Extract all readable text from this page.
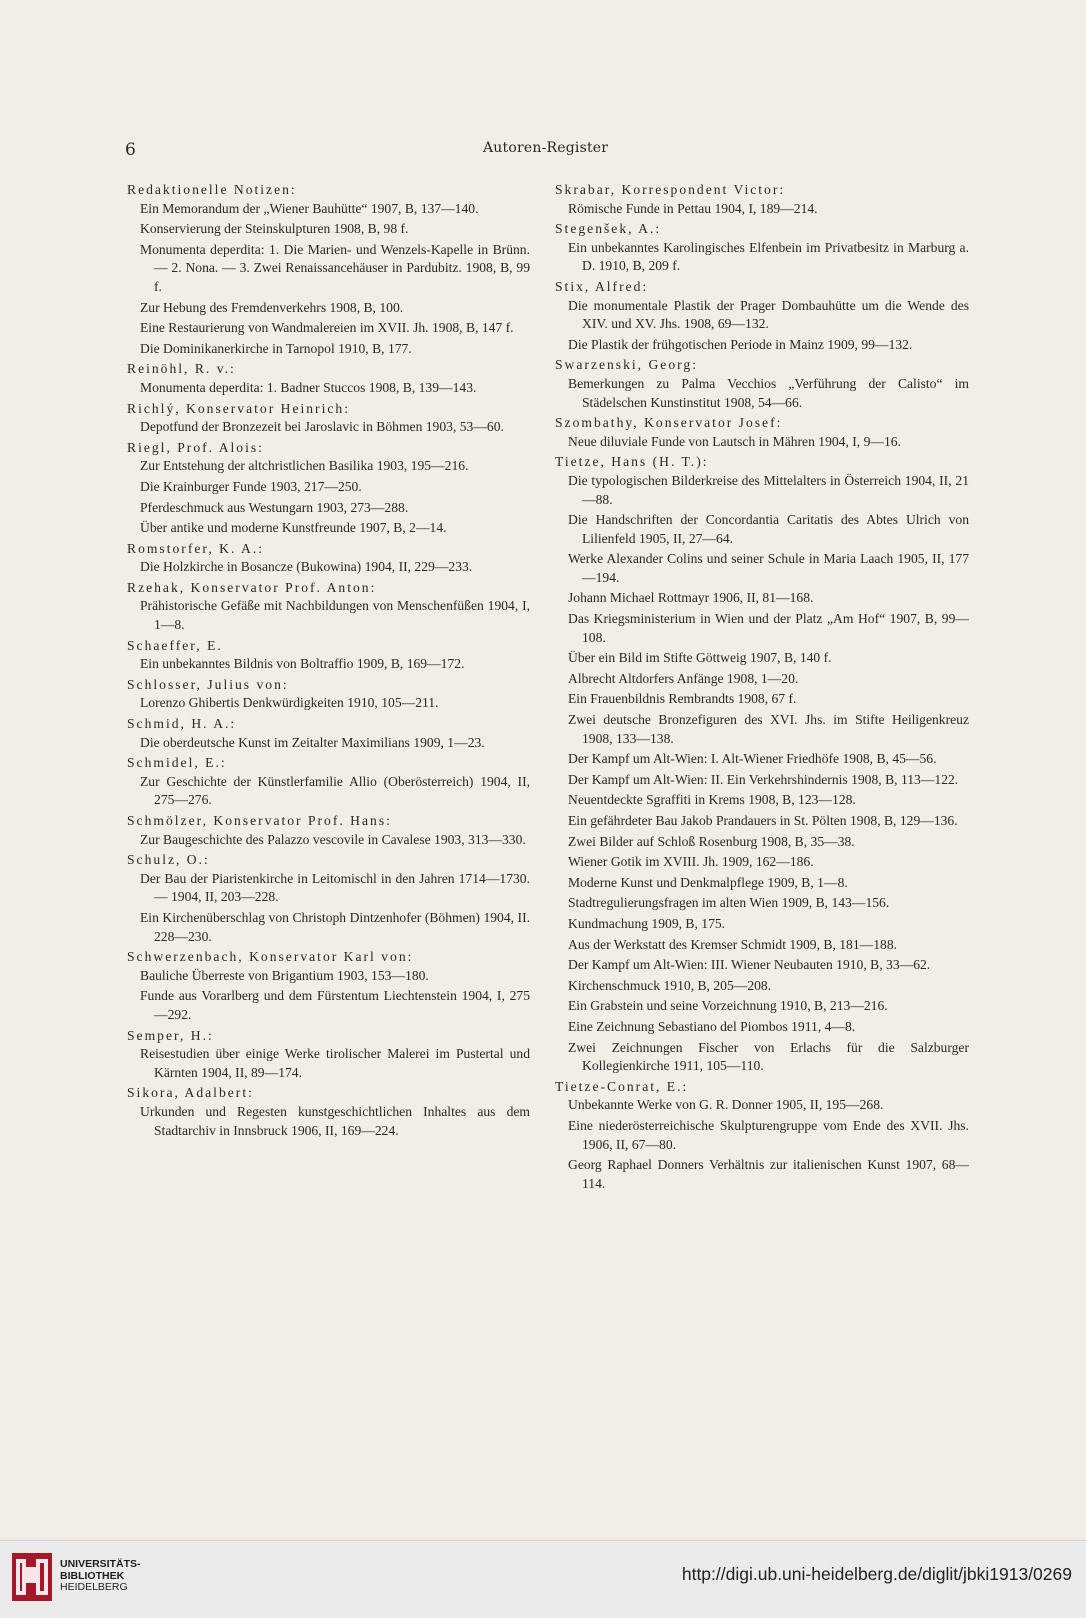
6	Autoren-Register

Redaktionelle Notizen:

Ein Memorandum der „Wiener Bauhütte“ 1907, B, 137—140.

Konservierung der Steinskulpturen 1908, B, 98 f.

Monumenta deperdita: 1. Die Marien- und Wenzels-Kapelle in Brünn. — 2. Nona. — 3. Zwei Renaissancehäuser in Pardubitz. 1908, B, 99 f.

Zur Hebung des Fremdenverkehrs 1908, B, 100.

Eine Restaurierung von Wandmalereien im XVII. Jh. 1908, B, 147 f.

Die Dominikanerkirche in Tarnopol 1910, B, 177.

Reinöhl, R. v.:

Monumenta deperdita: 1. Badner Stuccos 1908, B, 139—143.

Richlý, Konservator Heinrich:

Depotfund der Bronzezeit bei Jaroslavic in Böhmen 1903, 53—60.

Riegl, Prof. Alois:

Zur Entstehung der altchristlichen Basilika 1903, 195—216.

Die Krainburger Funde 1903, 217—250.

Pferdeschmuck aus Westungarn 1903, 273—288.

Über antike und moderne Kunstfreunde 1907, B, 2—14.

Romstorfer, K. A.:

Die Holzkirche in Bosancze (Bukowina) 1904, II, 229—233.

Rzehak, Konservator Prof. Anton:

Prähistorische Gefäße mit Nachbildungen von Menschenfüßen 1904, I, 1—8.

Schaeffer, E.

Ein unbekanntes Bildnis von Boltraffio 1909, B, 169—172.

Schlosser, Julius von:

Lorenzo Ghibertis Denkwürdigkeiten 1910, 105—211.

Schmid, H. A.:

Die oberdeutsche Kunst im Zeitalter Maximilians 1909, 1—23.

Schmidel, E.:

Zur Geschichte der Künstlerfamilie Allio (Oberösterreich) 1904, II, 275—276.

Schmölzer, Konservator Prof. Hans:

Zur Baugeschichte des Palazzo vescovile in Cavalese 1903, 313—330.

Schulz, O.:

Der Bau der Piaristenkirche in Leitomischl in den Jahren 1714—1730. — 1904, II, 203—228.

Ein Kirchenüberschlag von Christoph Dintzenhofer (Böhmen) 1904, II. 228—230.

Schwerzenbach, Konservator Karl von:

Bauliche Überreste von Brigantium 1903, 153—180.

Funde aus Vorarlberg und dem Fürstentum Liechtenstein 1904, I, 275—292.

Semper, H.:

Reisestudien über einige Werke tirolischer Malerei im Pustertal und Kärnten 1904, II, 89—174.

Sikora, Adalbert:

Urkunden und Regesten kunstgeschichtlichen Inhaltes aus dem Stadtarchiv in Innsbruck 1906, II, 169—224.

Skrabar, Korrespondent Victor:

Römische Funde in Pettau 1904, I, 189—214.

Stegenšek, A.:

Ein unbekanntes Karolingisches Elfenbein im Privatbesitz in Marburg a. D. 1910, B, 209 f.

Stix, Alfred:

Die monumentale Plastik der Prager Dombauhütte um die Wende des XIV. und XV. Jhs. 1908, 69—132.

Die Plastik der frühgotischen Periode in Mainz 1909, 99—132.

Swarzenski, Georg:

Bemerkungen zu Palma Vecchios „Verführung der Calisto“ im Städelschen Kunstinstitut 1908, 54—66.

Szombathy, Konservator Josef:

Neue diluviale Funde von Lautsch in Mähren 1904, I, 9—16.

Tietze, Hans (H. T.):

Die typologischen Bilderkreise des Mittelalters in Österreich 1904, II, 21—88.

Die Handschriften der Concordantia Caritatis des Abtes Ulrich von Lilienfeld 1905, II, 27—64.

Werke Alexander Colins und seiner Schule in Maria Laach 1905, II, 177—194.

Johann Michael Rottmayr 1906, II, 81—168.

Das Kriegsministerium in Wien und der Platz „Am Hof“ 1907, B, 99—108.

Über ein Bild im Stifte Göttweig 1907, B, 140 f.

Albrecht Altdorfers Anfänge 1908, 1—20.

Ein Frauenbildnis Rembrandts 1908, 67 f.

Zwei deutsche Bronzefiguren des XVI. Jhs. im Stifte Heiligenkreuz 1908, 133—138.

Der Kampf um Alt-Wien: I. Alt-Wiener Friedhöfe 1908, B, 45—56.

Der Kampf um Alt-Wien: II. Ein Verkehrshindernis 1908, B, 113—122.

Neuentdeckte Sgraffiti in Krems 1908, B, 123—128.

Ein gefährdeter Bau Jakob Prandauers in St. Pölten 1908, B, 129—136.

Zwei Bilder auf Schloß Rosenburg 1908, B, 35—38.

Wiener Gotik im XVIII. Jh. 1909, 162—186.

Moderne Kunst und Denkmalpflege 1909, B, 1—8.

Stadtregulierungsfragen im alten Wien 1909, B, 143—156.

Kundmachung 1909, B, 175.

Aus der Werkstatt des Kremser Schmidt 1909, B, 181—188.

Der Kampf um Alt-Wien: III. Wiener Neubauten 1910, B, 33—62.

Kirchenschmuck 1910, B, 205—208.

Ein Grabstein und seine Vorzeichnung 1910, B, 213—216.

Eine Zeichnung Sebastiano del Piombos 1911, 4—8.

Zwei Zeichnungen Fischer von Erlachs für die Salzburger Kollegienkirche 1911, 105—110.

Tietze-Conrat, E.:

Unbekannte Werke von G. R. Donner 1905, II, 195—268.

Eine niederösterreichische Skulpturengruppe vom Ende des XVII. Jhs. 1906, II, 67—80.

Georg Raphael Donners Verhältnis zur italienischen Kunst 1907, 68—114.

UNIVERSITÄTS-
BIBLIOTHEK
HEIDELBERG
http://digi.ub.uni-heidelberg.de/diglit/jbki1913/0269
